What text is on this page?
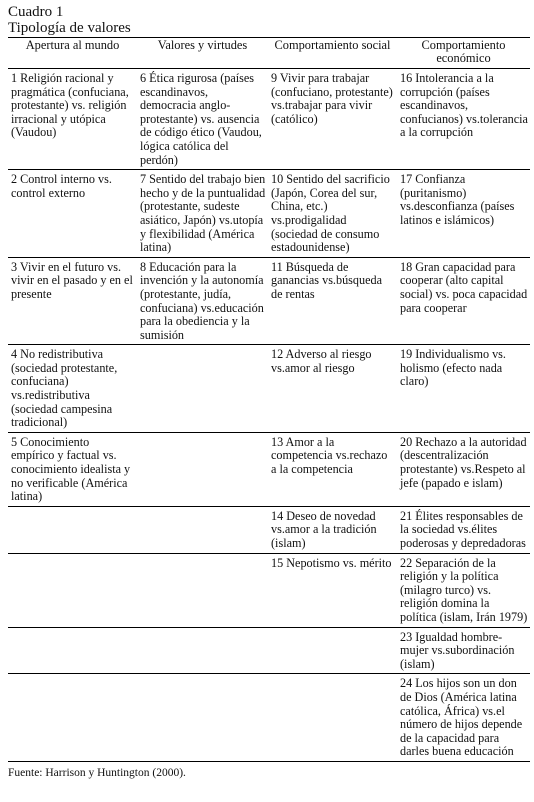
Cuadro 1

Tipología de valores

Apertura al mundo	Valores y virtudes	Comportamiento social	Comportamiento económico
1 Religión racional y pragmática (confuciana, protestante) vs. religión irracional y utópica (Vaudou)	6 Ética rigurosa (países escandinavos, democracia anglo-protestante) vs. ausencia de código ético (Vaudou, lógica católica del perdón)	9 Vivir para trabajar (confuciano, protestante) vs.trabajar para vivir (católico)	16 Intolerancia a la corrupción (países escandinavos, confucianos) vs.tolerancia a la corrupción
2 Control interno vs. control externo	7 Sentido del trabajo bien hecho y de la puntualidad (protestante, sudeste asiático, Japón) vs.utopía y flexibilidad (América latina)	10 Sentido del sacrificio (Japón, Corea del sur, China, etc.) vs.prodigalidad (sociedad de consumo estadounidense)	17 Confianza (puritanismo) vs.desconfianza (países latinos e islámicos)
3 Vivir en el futuro vs. vivir en el pasado y en el presente	8 Educación para la invención y la autonomía (protestante, judía, confuciana) vs.educación para la obediencia y la sumisión	11 Búsqueda de ganancias vs.búsqueda de rentas	18 Gran capacidad para cooperar (alto capital social) vs. poca capacidad para cooperar
4 No redistributiva (sociedad protestante, confuciana) vs.redistributiva (sociedad campesina tradicional)		12 Adverso al riesgo vs.amor al riesgo	19 Individualismo vs. holismo (efecto nada claro)
5 Conocimiento empírico y factual vs. conocimiento idealista y no verificable (América latina)		13 Amor a la competencia vs.rechazo a la competencia	20 Rechazo a la autoridad (descentralización protestante) vs.Respeto al jefe (papado e islam)
		14 Deseo de novedad vs.amor a la tradición (islam)	21 Élites responsables de la sociedad vs.élites poderosas y depredadoras
		15 Nepotismo vs. mérito	22 Separación de la religión y la política (milagro turco) vs. religión domina la política (islam, Irán 1979)
			23 Igualdad hombre-mujer vs.subordinación (islam)
			24 Los hijos son un don de Dios (América latina católica, África) vs.el número de hijos depende de la capacidad para darles buena educación
Fuente: Harrison y Huntington (2000).
